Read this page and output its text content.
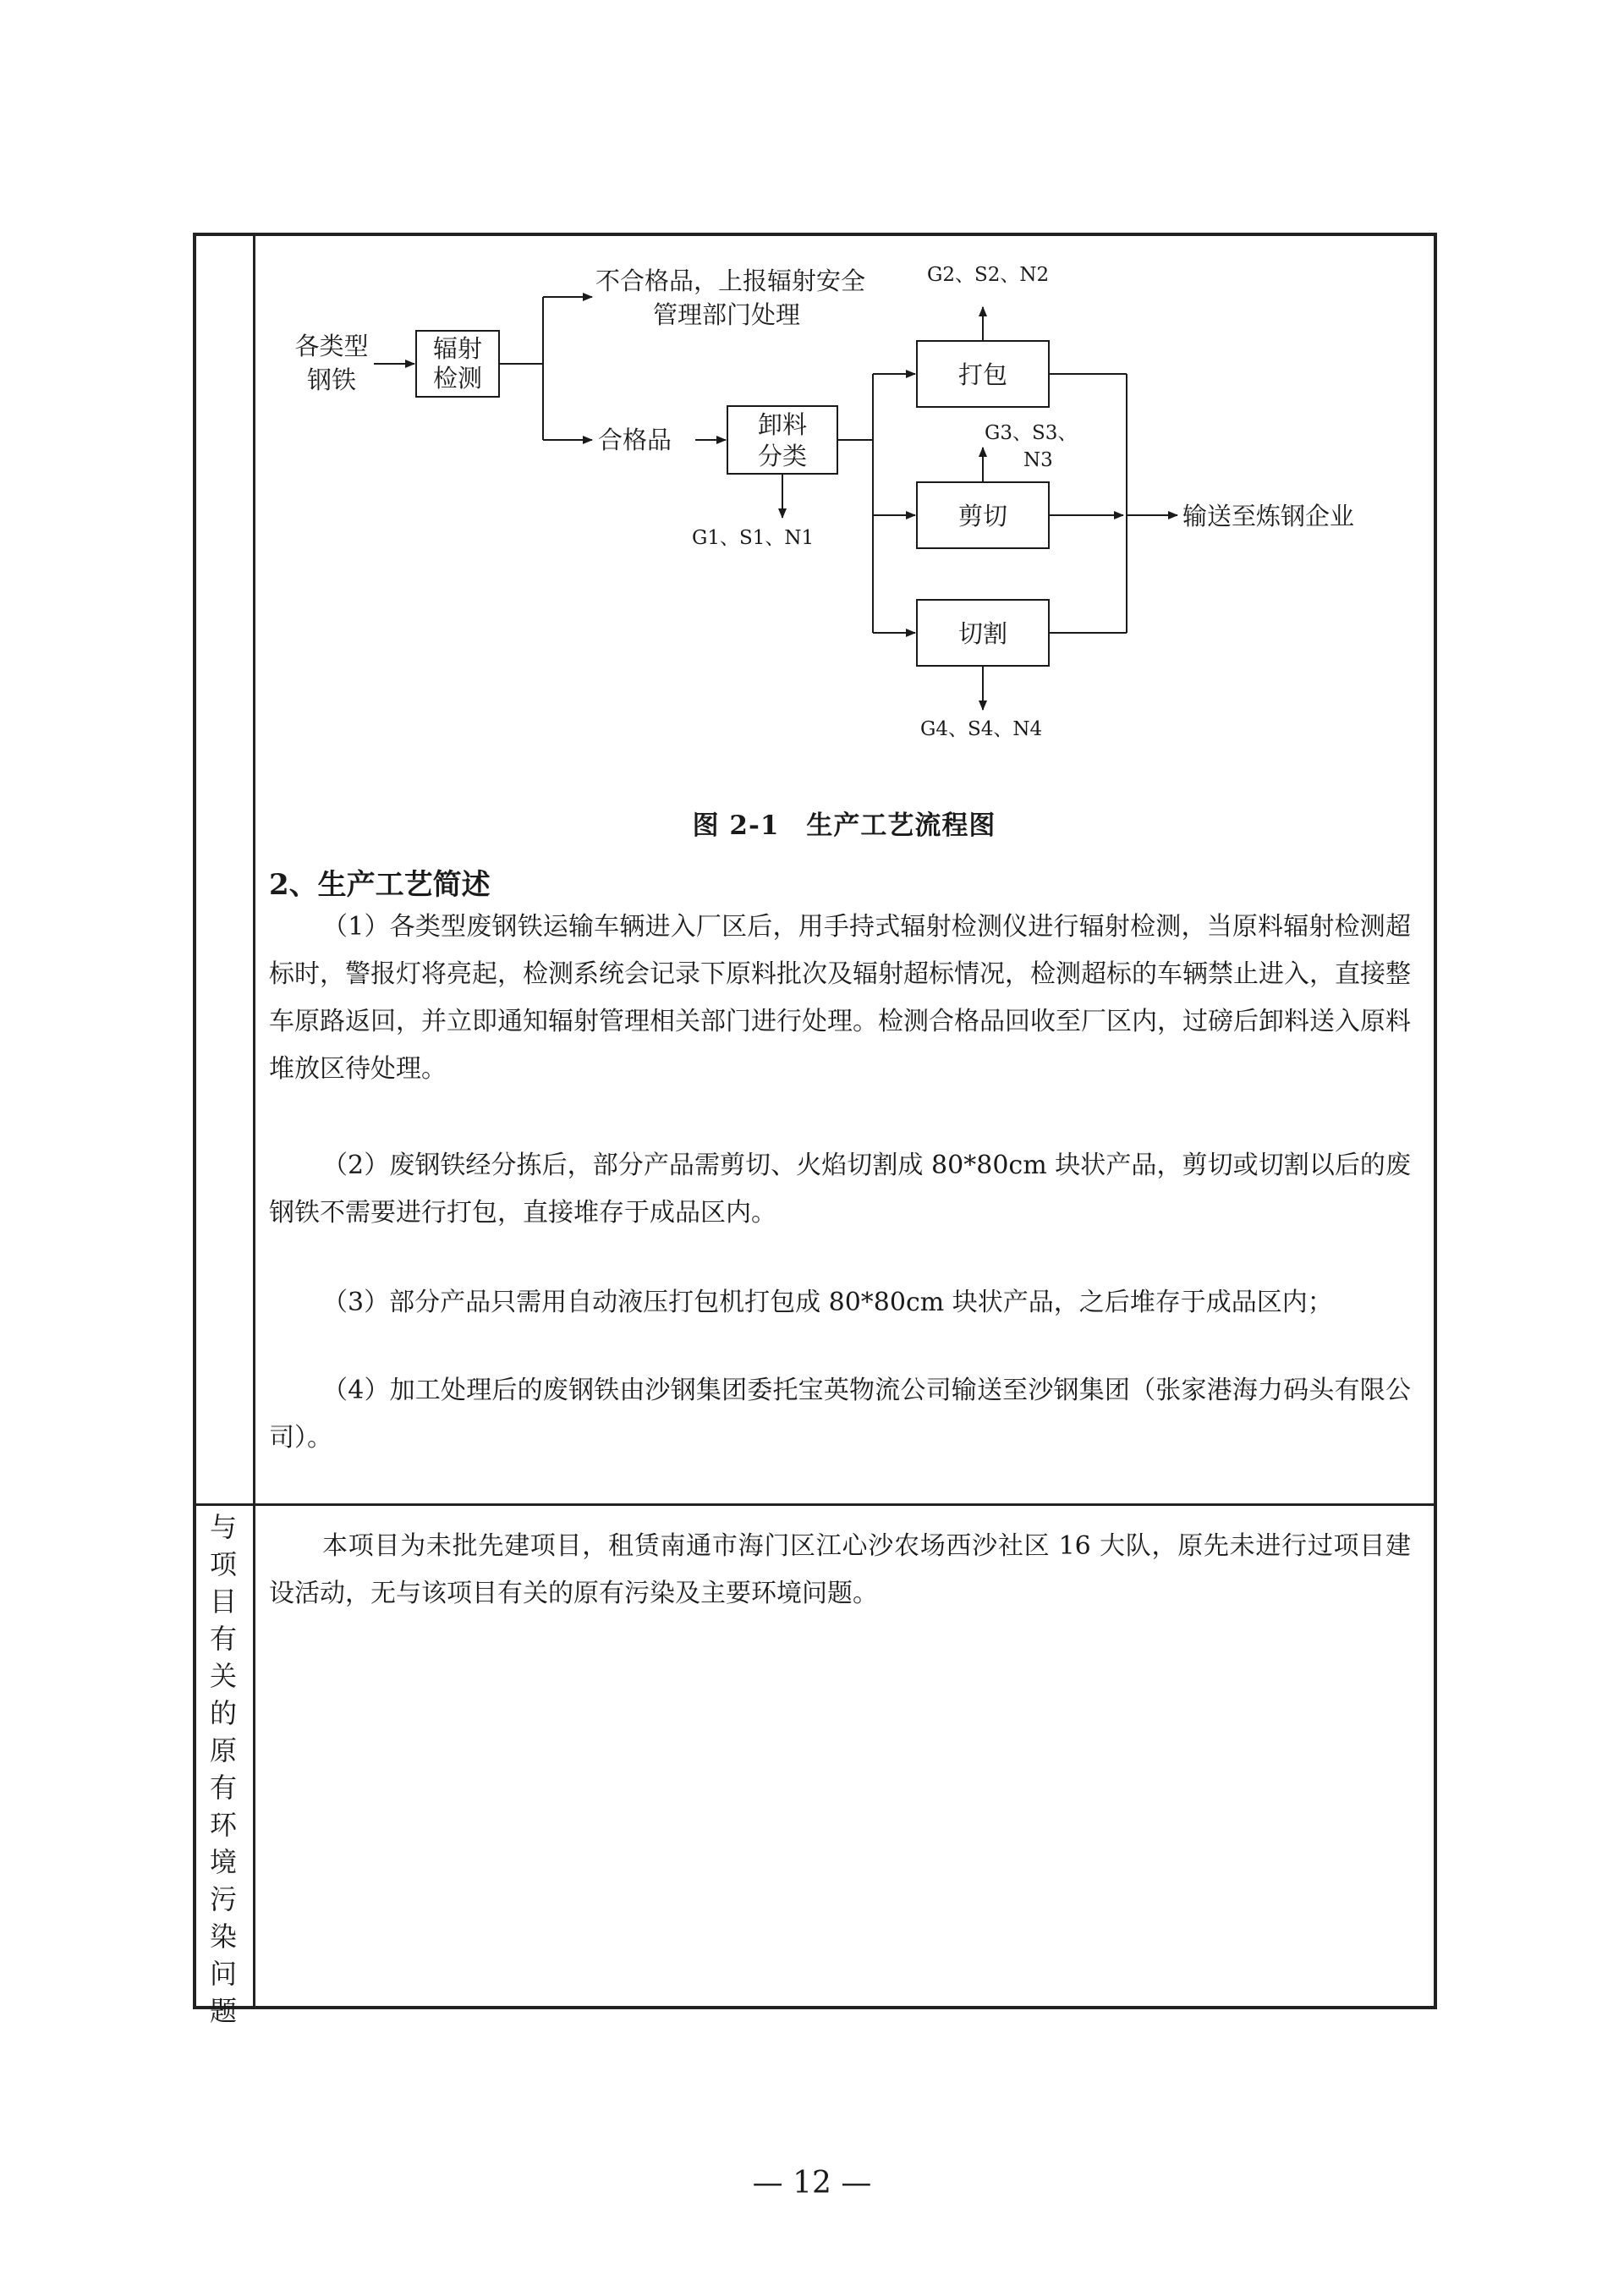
各类型
钢铁
辐射
检测
不合格品，上报辐射安全
管理部门处理
合格品
卸料
分类
打包
剪切
切割
输送至炼钢企业
G1、S1、N1
G2、S2、N2
G3、S3、
N3
G4、S4、N4
图 2-1　生产工艺流程图
2、生产工艺简述

（1）各类型废钢铁运输车辆进入厂区后，用手持式辐射检测仪进行辐射检测，当原料辐射检测超标时，警报灯将亮起，检测系统会记录下原料批次及辐射超标情况，检测超标的车辆禁止进入，直接整车原路返回，并立即通知辐射管理相关部门进行处理。检测合格品回收至厂区内，过磅后卸料送入原料堆放区待处理。

（2）废钢铁经分拣后，部分产品需剪切、火焰切割成 80*80cm 块状产品，剪切或切割以后的废钢铁不需要进行打包，直接堆存于成品区内。

（3）部分产品只需用自动液压打包机打包成 80*80cm 块状产品，之后堆存于成品区内；

（4）加工处理后的废钢铁由沙钢集团委托宝英物流公司输送至沙钢集团（张家港海力码头有限公司）。

与
项
目
有
关
的
原
有
环
境
污
染
问
题

本项目为未批先建项目，租赁南通市海门区江心沙农场西沙社区 16 大队，原先未进行过项目建设活动，无与该项目有关的原有污染及主要环境问题。

— 12 —
